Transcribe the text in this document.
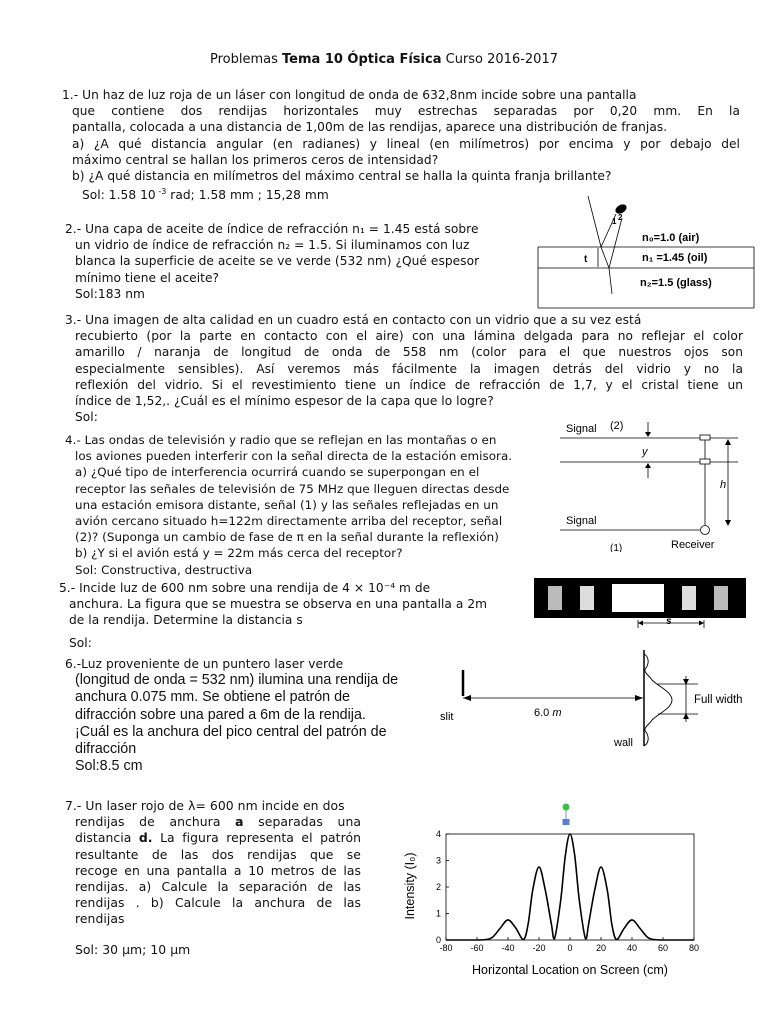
Problemas Tema 10 Óptica Física Curso 2016-2017
1.- Un haz de luz roja de un láser con longitud de onda de 632,8nm incide sobre una pantalla
que contiene dos rendijas horizontales muy estrechas separadas por 0,20 mm. En la
pantalla, colocada a una distancia de 1,00m de las rendijas, aparece una distribución de franjas.
a) ¿A qué distancia angular (en radianes) y lineal (en milímetros) por encima y por debajo del
máximo central se hallan los primeros ceros de intensidad?
b) ¿A qué distancia en milímetros del máximo central se halla la quinta franja brillante?
Sol: 1.58 10 $^{-3}$ rad; 1.58 mm ; 15,28 mm
2.- Una capa de aceite de índice de refracción n₁ = 1.45 está sobre
un vidrio de índice de refracción n₂ = 1.5. Si iluminamos con luz
blanca la superficie de aceite se ve verde (532 nm) ¿Qué espesor
mínimo tiene el aceite?
Sol:183 nm
t
1 2
n₀=1.0 (air)
n₁ =1.45 (oil)
n₂=1.5 (glass)
3.- Una imagen de alta calidad en un cuadro está en contacto con un vidrio que a su vez está
recubierto (por la parte en contacto con el aire) con una lámina delgada para no reflejar el color
amarillo / naranja de longitud de onda de 558 nm (color para el que nuestros ojos son
especialmente sensibles). Así veremos más fácilmente la imagen detrás del vidrio y no la
reflexión del vidrio. Si el revestimiento tiene un índice de refracción de 1,7, y el cristal tiene un
índice de 1,52,. ¿Cuál es el mínimo espesor de la capa que lo logre?
Sol:
4.- Las ondas de televisión y radio que se reflejan en las montañas o en
los aviones pueden interferir con la señal directa de la estación emisora.
a) ¿Qué tipo de interferencia ocurrirá cuando se superpongan en el
receptor las señales de televisión de 75 MHz que lleguen directas desde
una estación emisora distante, señal (1) y las señales reflejadas en un
avión cercano situado h=122m directamente arriba del receptor, señal
(2)? (Suponga un cambio de fase de π en la señal durante la reflexión)
b) ¿Y si el avión está y = 22m más cerca del receptor?
Sol: Constructiva, destructiva
Signal (2)
y
h
Signal
Receiver
(1)
5.- Incide luz de 600 nm sobre una rendija de 4 × 10⁻⁴ m de
anchura. La figura que se muestra se observa en una pantalla a 2m
de la rendija. Determine la distancia s
Sol:
s
6.-Luz proveniente de un puntero laser verde
(longitud de onda = 532 nm) ilumina una rendija de
anchura 0.075 mm. Se obtiene el patrón de
difracción sobre una pared a 6m de la rendija.
¡Cuál es la anchura del pico central del patrón de
difracción
Sol:8.5 cm
slit	6.0 m
wall
Full width
7.- Un laser rojo de λ= 600 nm incide en dos
rendijas de anchura a separadas una
distancia d. La figura representa el patrón
resultante de las dos rendijas que se
recoge en una pantalla a 10 metros de las
rendijas. a) Calcule la separación de las
rendijas . b) Calcule la anchura de las
rendijas
Sol: 30 μm; 10 μm	-80 -60 -40 -20 0	20 40 60 80
0
1
2
3
4
Horizontal Location on Screen (cm)
Intensity (I₀)
